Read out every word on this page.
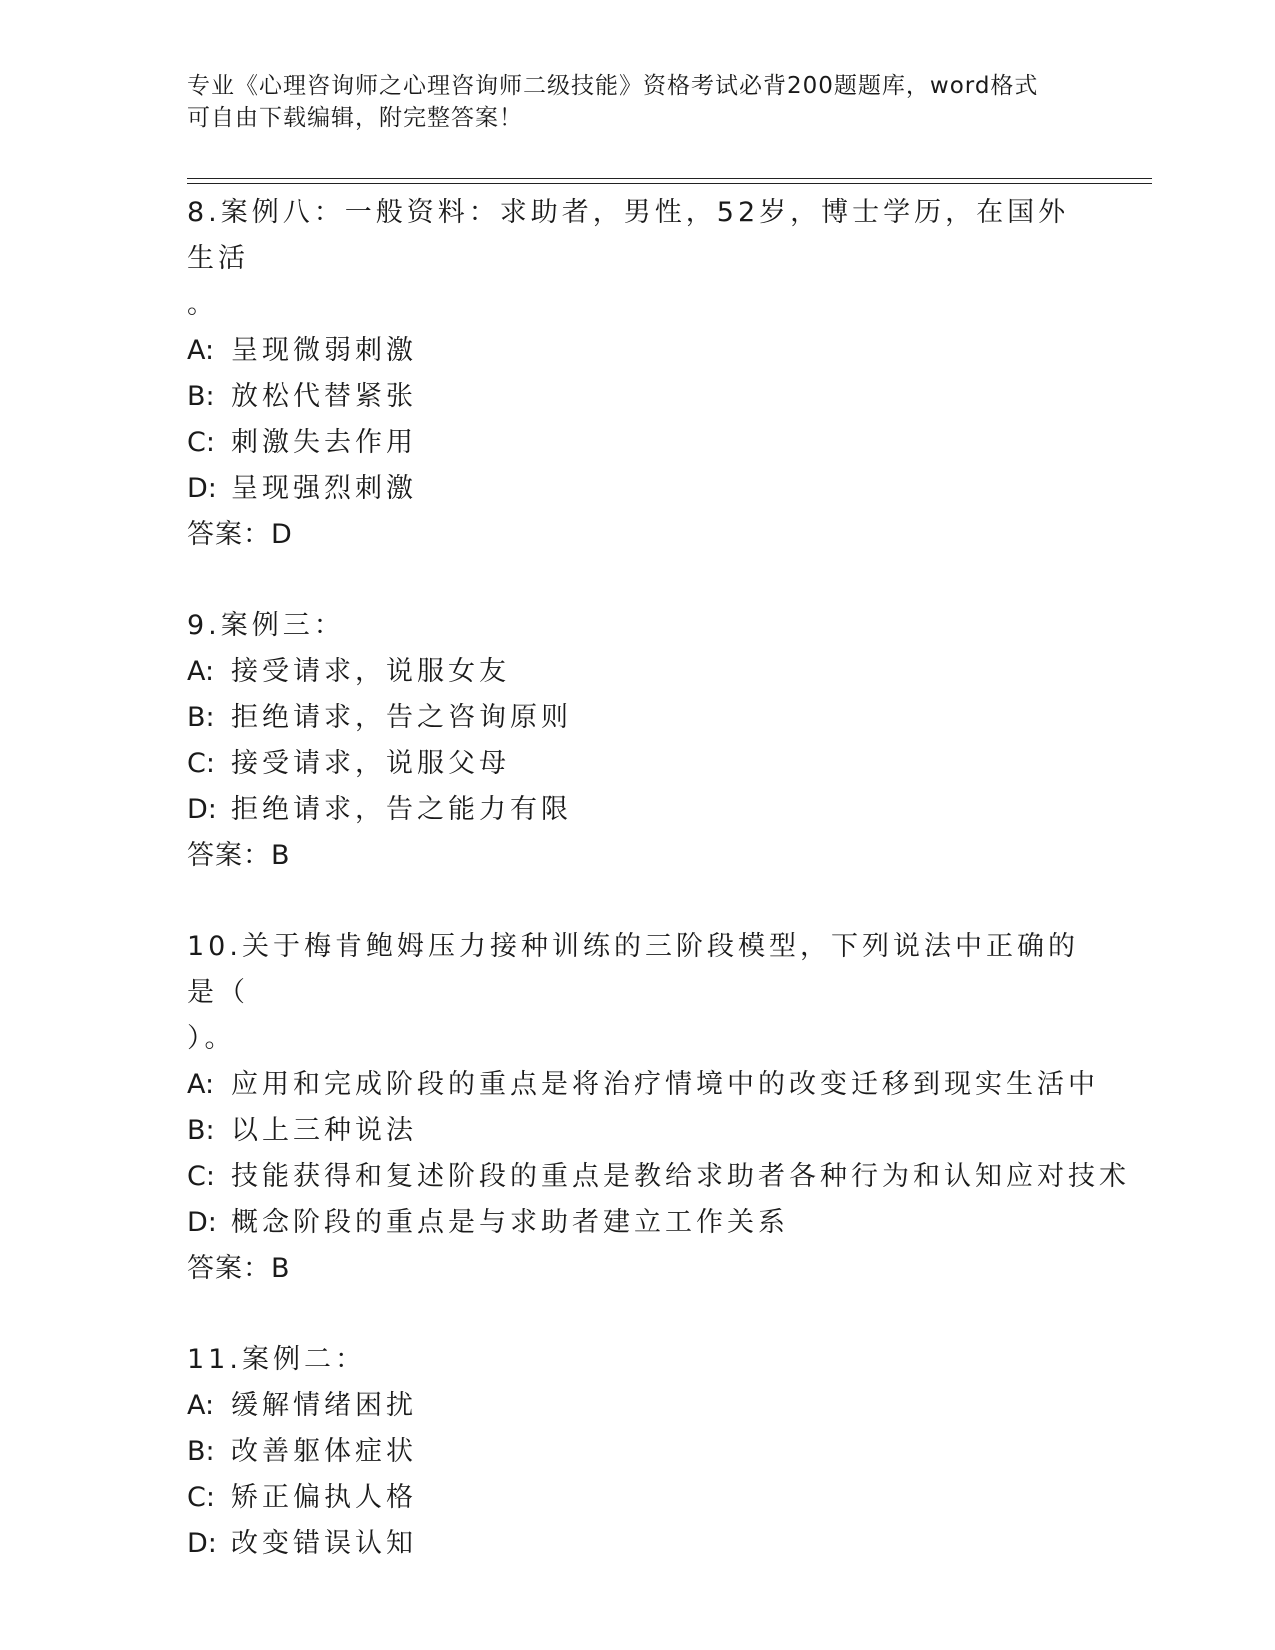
专业《心理咨询师之心理咨询师二级技能》资格考试必背200题题库，word格式
可自由下载编辑，附完整答案！
8.案例八：一般资料：求助者，男性，52岁，博士学历，在国外生活
。
A: 呈现微弱刺激
B: 放松代替紧张
C: 刺激失去作用
D: 呈现强烈刺激
答案：D
9.案例三：
A: 接受请求，说服女友
B: 拒绝请求，告之咨询原则
C: 接受请求，说服父母
D: 拒绝请求，告之能力有限
答案：B
10.关于梅肯鲍姆压力接种训练的三阶段模型，下列说法中正确的是（
）。
A: 应用和完成阶段的重点是将治疗情境中的改变迁移到现实生活中
B: 以上三种说法
C: 技能获得和复述阶段的重点是教给求助者各种行为和认知应对技术
D: 概念阶段的重点是与求助者建立工作关系
答案：B
11.案例二：
A: 缓解情绪困扰
B: 改善躯体症状
C: 矫正偏执人格
D: 改变错误认知
